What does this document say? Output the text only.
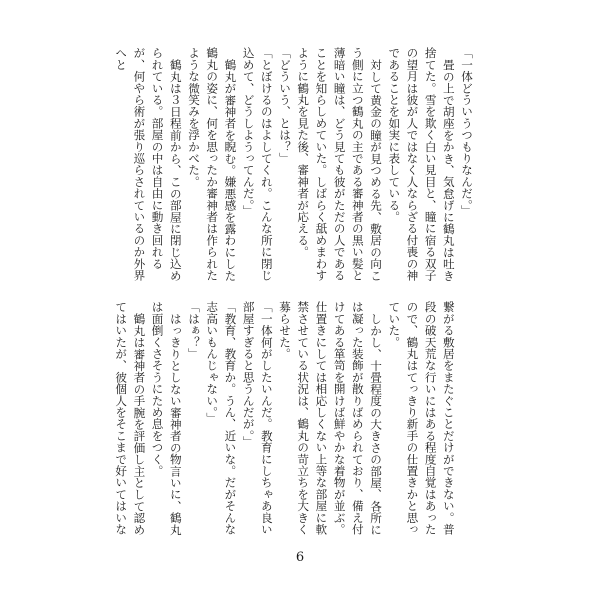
「一体どういうつもりなんだ。」

畳の上で胡座をかき、気怠げに鶴丸は吐き捨てた。雪を欺く白い見目と、瞳に宿る双子の望月は彼が人ではなく人ならざる付喪の神であることを如実に表している。

対して黄金の瞳が見つめる先、敷居の向こう側に立つ鶴丸の主である審神者の黒い髪と薄暗い瞳は、どう見ても彼がただの人であることを知らしめていた。しばらく舐めまわすように鶴丸を見た後、審神者が応える。

「どういう、とは？」

「とぼけるのはよしてくれ。こんな所に閉じ込めて、どうしようってんだ。」

鶴丸が審神者を睨む。嫌悪感を露わにした鶴丸の姿に、何を思ったか審神者は作られたような微笑みを浮かべた。

鶴丸は３日程前から、この部屋に閉じ込められている。部屋の中は自由に動き回れるが、何やら術が張り巡らされているのか外界へと

繋がる敷居をまたぐことだけができない。普段の破天荒な行いにはある程度自覚はあったので、鶴丸はてっきり新手の仕置きかと思っていた。

しかし、十畳程度の大きさの部屋、各所には凝った装飾が散りばめられており、備え付けてある箪笥を開けば鮮やかな着物が並ぶ。仕置きにしては相応しくない上等な部屋に軟禁させている状況は、鶴丸の苛立ちを大きく募らせた。

「一体何がしたいんだ。教育にしちゃあ良い部屋すぎると思うんだが。」

「教育、教育か。うん、近いな。だがそんな志高いもんじゃない。」

「はぁ？」

はっきりとしない審神者の物言いに、鶴丸は面倒くさそうにため息をつく。

鶴丸は審神者の手腕を評価し主として認めてはいたが、彼個人をそこまで好いてはいな

6
